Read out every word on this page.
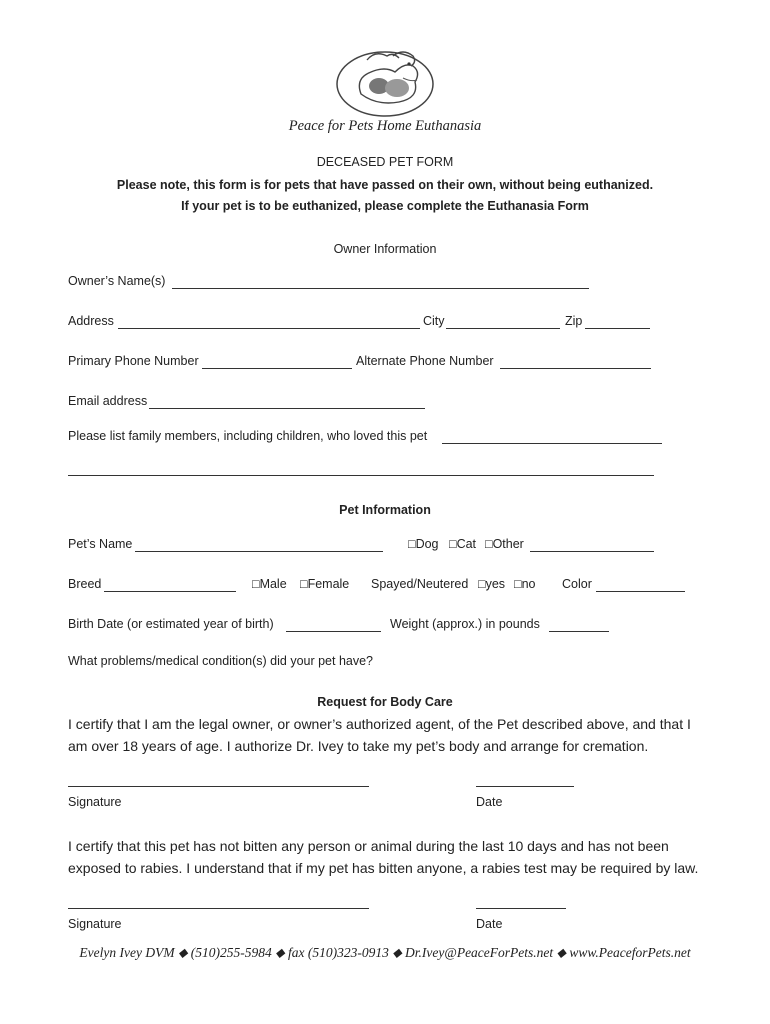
Peace for Pets Home Euthanasia
DECEASED PET FORM
Please note, this form is for pets that have passed on their own, without being euthanized.
If your pet is to be euthanized, please complete the Euthanasia Form
Owner Information
Owner’s Name(s)
Address	City	Zip
Primary Phone Number	Alternate Phone Number
Email address
Please list family members, including children, who loved this pet
Pet Information
Pet’s Name	□Dog □Cat □Other
Breed	□Male □Female Spayed/Neutered □yes □no Color
Birth Date (or estimated year of birth)	Weight (approx.) in pounds
What problems/medical condition(s) did your pet have?
Request for Body Care
I certify that I am the legal owner, or owner’s authorized agent, of the Pet described above, and that I am over 18 years of age. I authorize Dr. Ivey to take my pet’s body and arrange for cremation.
Signature	Date
I certify that this pet has not bitten any person or animal during the last 10 days and has not been exposed to rabies. I understand that if my pet has bitten anyone, a rabies test may be required by law.
Signature	Date
Evelyn Ivey DVM ⬥ (510)255-5984 ⬥ fax (510)323-0913 ⬥ Dr.Ivey@PeaceForPets.net ⬥ www.PeaceforPets.net
